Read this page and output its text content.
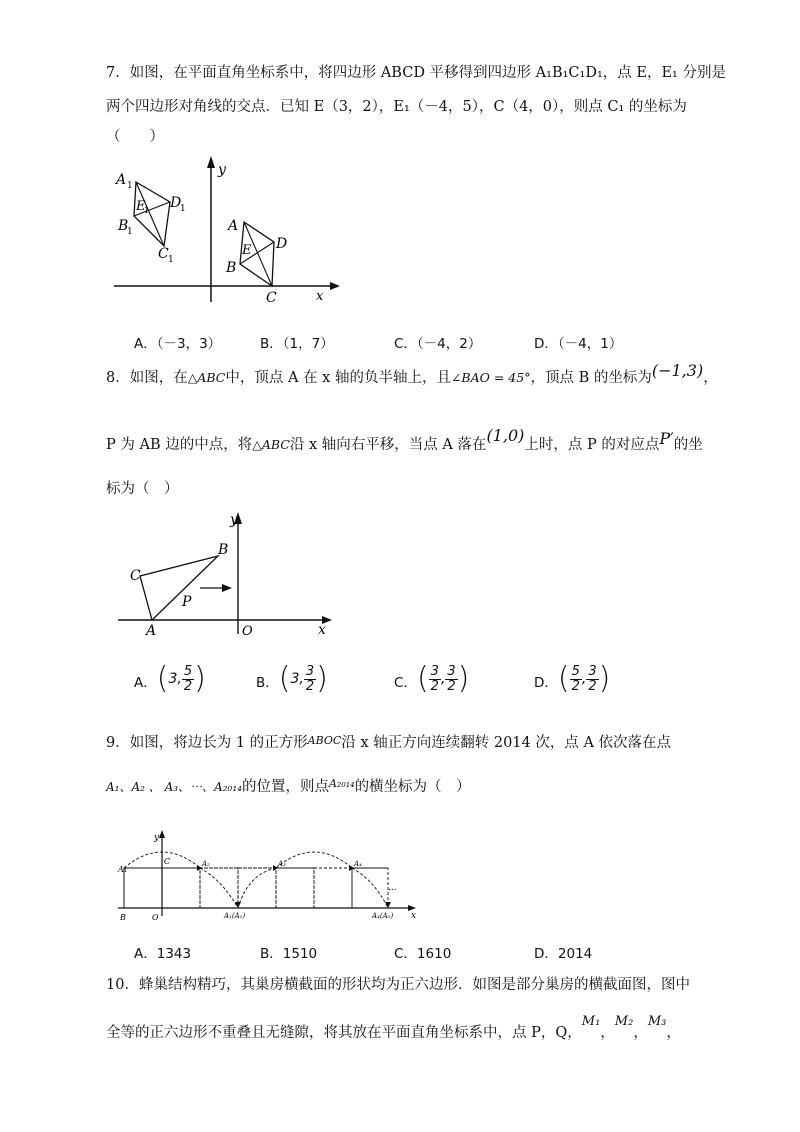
7．如图，在平面直角坐标系中，将四边形 ABCD 平移得到四边形 A₁B₁C₁D₁，点 E，E₁ 分别是
两个四边形对角线的交点．已知 E（3，2），E₁（－4，5），C（4，0），则点 C₁ 的坐标为
（　　）
x
y
A 1
E
1 D
1
B
1
C 1
A
E D
B
C
A．（－3，3）	B．（1，7）	C．（－4，2）	D．（－4，1）
8．如图，在△ABC中，顶点 A 在 x 轴的负半轴上，且∠BAO = 45°，顶点 B 的坐标为(−1,3)，
P 为 AB 边的中点，将△ABC沿 x 轴向右平移，当点 A 落在(1,0)上时，点 P 的对应点P′的坐
标为（　）
y
x
O
A
B
C
P
A．(3, $\frac{5}{2}$ )	B．(3, $\frac{3}{2}$ )	C．( $\frac{3}{2}$ , $\frac{3}{2}$ )	D．( $\frac{5}{2}$ , $\frac{3}{2}$ )
9．如图，将边长为 1 的正方形$^{ABOC}$沿 x 轴正方向连续翻转 2014 次，点 A 依次落在点
A₁、A₂ 、 A₃、⋯、A₂₀₁₄的位置，则点$^{A_{2014}}$的横坐标为（　）
x
y
A₁
C
B	O
A₂	A₃	A₄
A₁(A₂)	A₄(A₅)
...
A．1343	B．1510	C．1610	D．2014
10．蜂巢结构精巧，其巢房横截面的形状均为正六边形．如图是部分巢房的横截面图，图中
全等的正六边形不重叠且无缝隙，将其放在平面直角坐标系中，点 P，Q，M₁，M₂，M₃，
